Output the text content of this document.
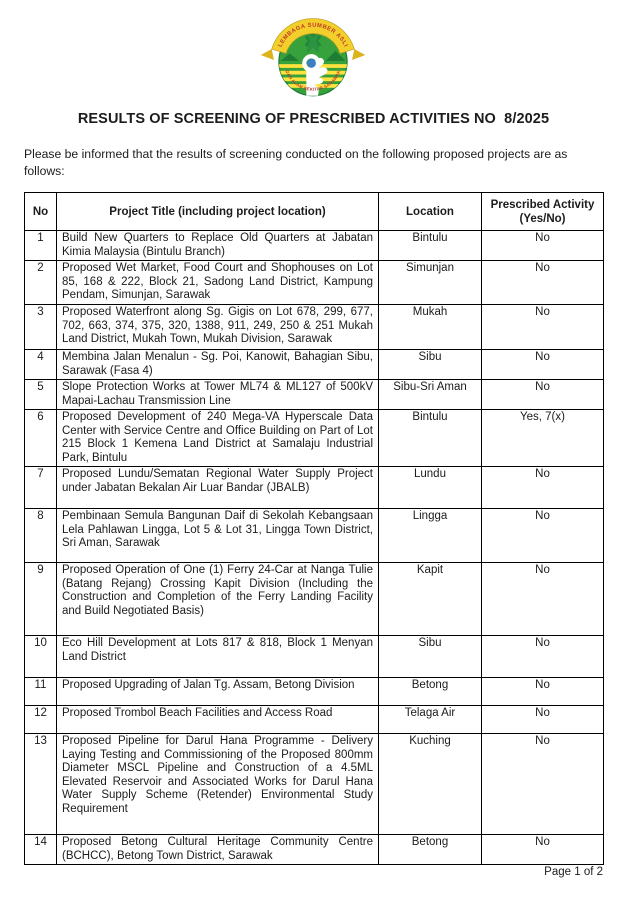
LEMBAGA SUMBER ASLI
DAN ALAM SEKITAR SARAWAK
RESULTS OF SCREENING OF PRESCRIBED ACTIVITIES NO  8/2025

Please be informed that the results of screening conducted on the following proposed projects are as follows:

No	Project Title (including project location)	Location	Prescribed Activity (Yes/No)
1	Build New Quarters to Replace Old Quarters at Jabatan Kimia Malaysia (Bintulu Branch)	Bintulu	No
2	Proposed Wet Market, Food Court and Shophouses on Lot 85, 168 & 222, Block 21, Sadong Land District, Kampung Pendam, Simunjan, Sarawak	Simunjan	No
3	Proposed Waterfront along Sg. Gigis on Lot 678, 299, 677, 702, 663, 374, 375, 320, 1388, 911, 249, 250 & 251 Mukah Land District, Mukah Town, Mukah Division, Sarawak	Mukah	No
4	Membina Jalan Menalun - Sg. Poi, Kanowit, Bahagian Sibu, Sarawak (Fasa 4)	Sibu	No
5	Slope Protection Works at Tower ML74 & ML127 of 500kV Mapai-Lachau Transmission Line	Sibu-Sri Aman	No
6	Proposed Development of 240 Mega-VA Hyperscale Data Center with Service Centre and Office Building on Part of Lot 215 Block 1 Kemena Land District at Samalaju Industrial Park, Bintulu	Bintulu	Yes, 7(x)
7	Proposed Lundu/Sematan Regional Water Supply Project under Jabatan Bekalan Air Luar Bandar (JBALB)	Lundu	No
8	Pembinaan Semula Bangunan Daif di Sekolah Kebangsaan Lela Pahlawan Lingga, Lot 5 & Lot 31, Lingga Town District, Sri Aman, Sarawak	Lingga	No
9	Proposed Operation of One (1) Ferry 24-Car at Nanga Tulie (Batang Rejang) Crossing Kapit Division (Including the Construction and Completion of the Ferry Landing Facility and Build Negotiated Basis)	Kapit	No
10	Eco Hill Development at Lots 817 & 818, Block 1 Menyan Land District	Sibu	No
11	Proposed Upgrading of Jalan Tg. Assam, Betong Division	Betong	No
12	Proposed Trombol Beach Facilities and Access Road	Telaga Air	No
13	Proposed Pipeline for Darul Hana Programme - Delivery Laying Testing and Commissioning of the Proposed 800mm Diameter MSCL Pipeline and Construction of a 4.5ML Elevated Reservoir and Associated Works for Darul Hana Water Supply Scheme (Retender) Environmental Study Requirement	Kuching	No
14	Proposed Betong Cultural Heritage Community Centre (BCHCC), Betong Town District, Sarawak	Betong	No
Page 1 of 2
